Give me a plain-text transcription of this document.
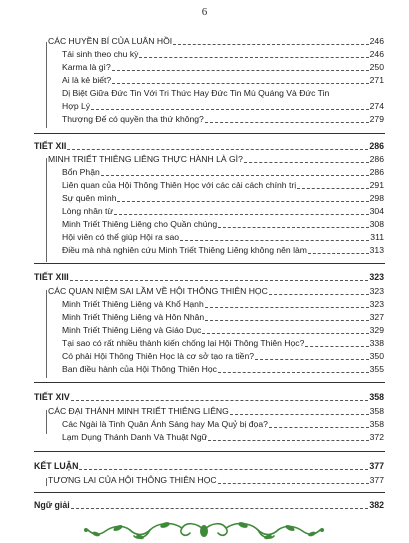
6
CÁC HUYỀN BÍ CỦA LUÂN HỒI	246
Tái sinh theo chu kỳ	246
Karma là gì?	250
Ai là kẻ biết?	271
Dị Biệt Giữa Đức Tin Với Tri Thức Hay Đức Tin Mù Quáng Và Đức Tin
Hợp Lý	274
Thượng Đế có quyền tha thứ không?	279
TIẾT XII	286
MINH TRIẾT THIÊNG LIÊNG THỰC HÀNH LÀ GÌ?	286
Bổn Phận	286
Liên quan của Hội Thông Thiên Học với các cải cách chính trị	291
Sự quên mình	298
Lòng nhân từ	304
Minh Triết Thiêng Liêng cho Quần chúng	308
Hội viên có thể giúp Hội ra sao	311
Điều mà nhà nghiên cứu Minh Triết Thiêng Liêng không nên làm	313
TIẾT XIII	323
CÁC QUAN NIỆM SAI LẦM VỀ HỘI THÔNG THIÊN HỌC	323
Minh Triết Thiêng Liêng và Khổ Hạnh	323
Minh Triết Thiêng Liêng và Hôn Nhân	327
Minh Triết Thiêng Liêng và Giáo Dục	329
Tại sao có rất nhiều thành kiến chống lại Hội Thông Thiên Học?	338
Có phải Hội Thông Thiên Học là cơ sở tạo ra tiền?	350
Ban điều hành của Hội Thông Thiên Học	355
TIẾT XIV	358
CÁC ĐẠI THÁNH MINH TRIẾT THIÊNG LIÊNG	358
Các Ngài là Tinh Quân Ánh Sáng hay Ma Quỷ bị đọa?	358
Lạm Dụng Thánh Danh Và Thuật Ngữ	372
KẾT LUẬN	377
TƯƠNG LAI CỦA HỘI THÔNG THIÊN HỌC	377
Ngữ giải	382
